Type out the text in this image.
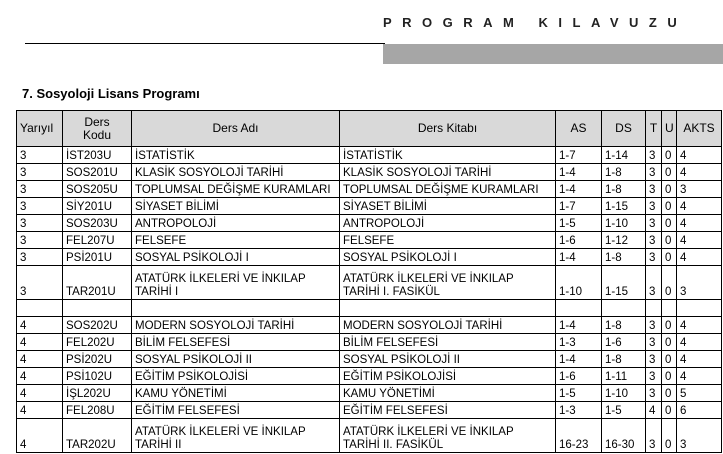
PROGRAM KILAVUZU
7. Sosyoloji Lisans Programı
Yarıyıl	Ders Kodu	Ders Adı	Ders Kitabı	AS	DS	T	U	AKTS
3	İST203U	İSTATİSTİK	İSTATİSTİK	1-7	1-14	3	0	4
3	SOS201U	KLASİK SOSYOLOJİ TARİHİ	KLASİK SOSYOLOJİ TARİHİ	1-4	1-8	3	0	4
3	SOS205U	TOPLUMSAL DEĞİŞME KURAMLARI	TOPLUMSAL DEĞİŞME KURAMLARI	1-4	1-8	3	0	3
3	SİY201U	SİYASET BİLİMİ	SİYASET BİLİMİ	1-7	1-15	3	0	4
3	SOS203U	ANTROPOLOJİ	ANTROPOLOJİ	1-5	1-10	3	0	4
3	FEL207U	FELSEFE	FELSEFE	1-6	1-12	3	0	4
3	PSİ201U	SOSYAL PSİKOLOJİ I	SOSYAL PSİKOLOJİ I	1-4	1-8	3	0	4
3	TAR201U	ATATÜRK İLKELERİ VE İNKILAP TARİHİ I	ATATÜRK İLKELERİ VE İNKILAP TARİHİ I. FASİKÜL	1-10	1-15	3	0	3

4	SOS202U	MODERN SOSYOLOJİ TARİHİ	MODERN SOSYOLOJİ TARİHİ	1-4	1-8	3	0	4
4	FEL202U	BİLİM FELSEFESİ	BİLİM FELSEFESİ	1-3	1-6	3	0	4
4	PSİ202U	SOSYAL PSİKOLOJİ II	SOSYAL PSİKOLOJİ II	1-4	1-8	3	0	4
4	PSİ102U	EĞİTİM PSİKOLOJİSİ	EĞİTİM PSİKOLOJİSİ	1-6	1-11	3	0	4
4	İŞL202U	KAMU YÖNETİMİ	KAMU YÖNETİMİ	1-5	1-10	3	0	5
4	FEL208U	EĞİTİM FELSEFESİ	EĞİTİM FELSEFESİ	1-3	1-5	4	0	6
4	TAR202U	ATATÜRK İLKELERİ VE İNKILAP TARİHİ II	ATATÜRK İLKELERİ VE İNKILAP TARİHİ II. FASİKÜL	16-23	16-30	3	0	3
